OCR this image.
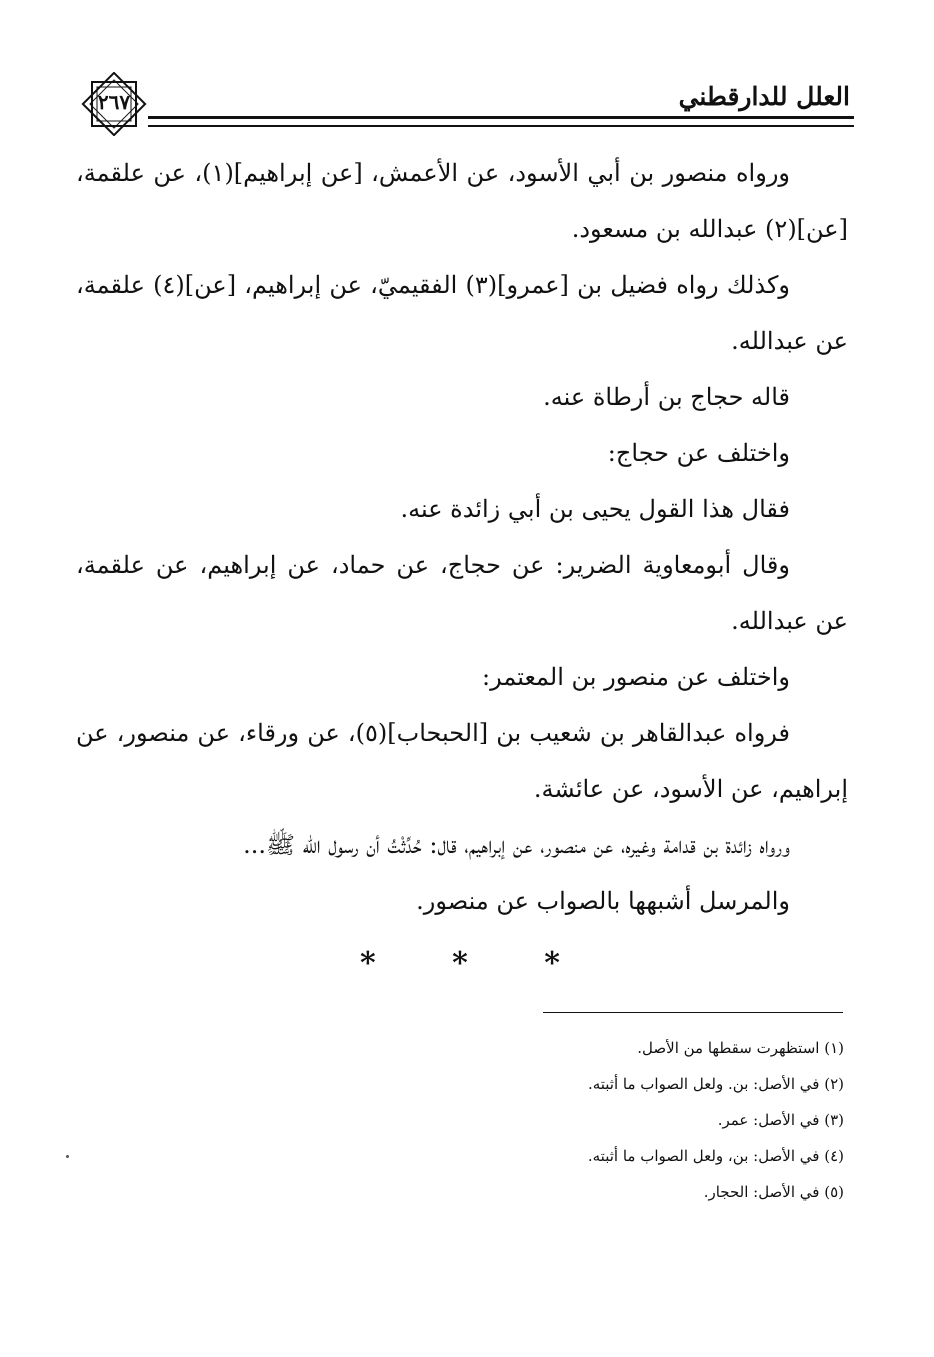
العلل للدارقطني
٢٦٧

ورواه منصور بن أبي الأسود، عن الأعمش، [عن إبراهيم](١)، عن علقمة، [عن](٢) عبدالله بن مسعود.

وكذلك رواه فضيل بن [عمرو](٣) الفقيميّ، عن إبراهيم، [عن](٤) علقمة، عن عبدالله.

قاله حجاج بن أرطاة عنه.

واختلف عن حجاج:

فقال هذا القول يحيى بن أبي زائدة عنه.

وقال أبومعاوية الضرير: عن حجاج، عن حماد، عن إبراهيم، عن علقمة، عن عبدالله.

واختلف عن منصور بن المعتمر:

فرواه عبدالقاهر بن شعيب بن [الحبحاب](٥)، عن ورقاء، عن منصور، عن إبراهيم، عن الأسود، عن عائشة.

ورواه زائدة بن قدامة وغيره، عن منصور، عن إبراهيم، قال: حُدِّثْتُ أن رسول الله ﷺ...

والمرسل أشبهها بالصواب عن منصور.

*	*	*

(١) استظهرت سقطها من الأصل.

(٢) في الأصل: بن. ولعل الصواب ما أثبته.

(٣) في الأصل: عمر.

(٤) في الأصل: بن، ولعل الصواب ما أثبته.

(٥) في الأصل: الحجار.
